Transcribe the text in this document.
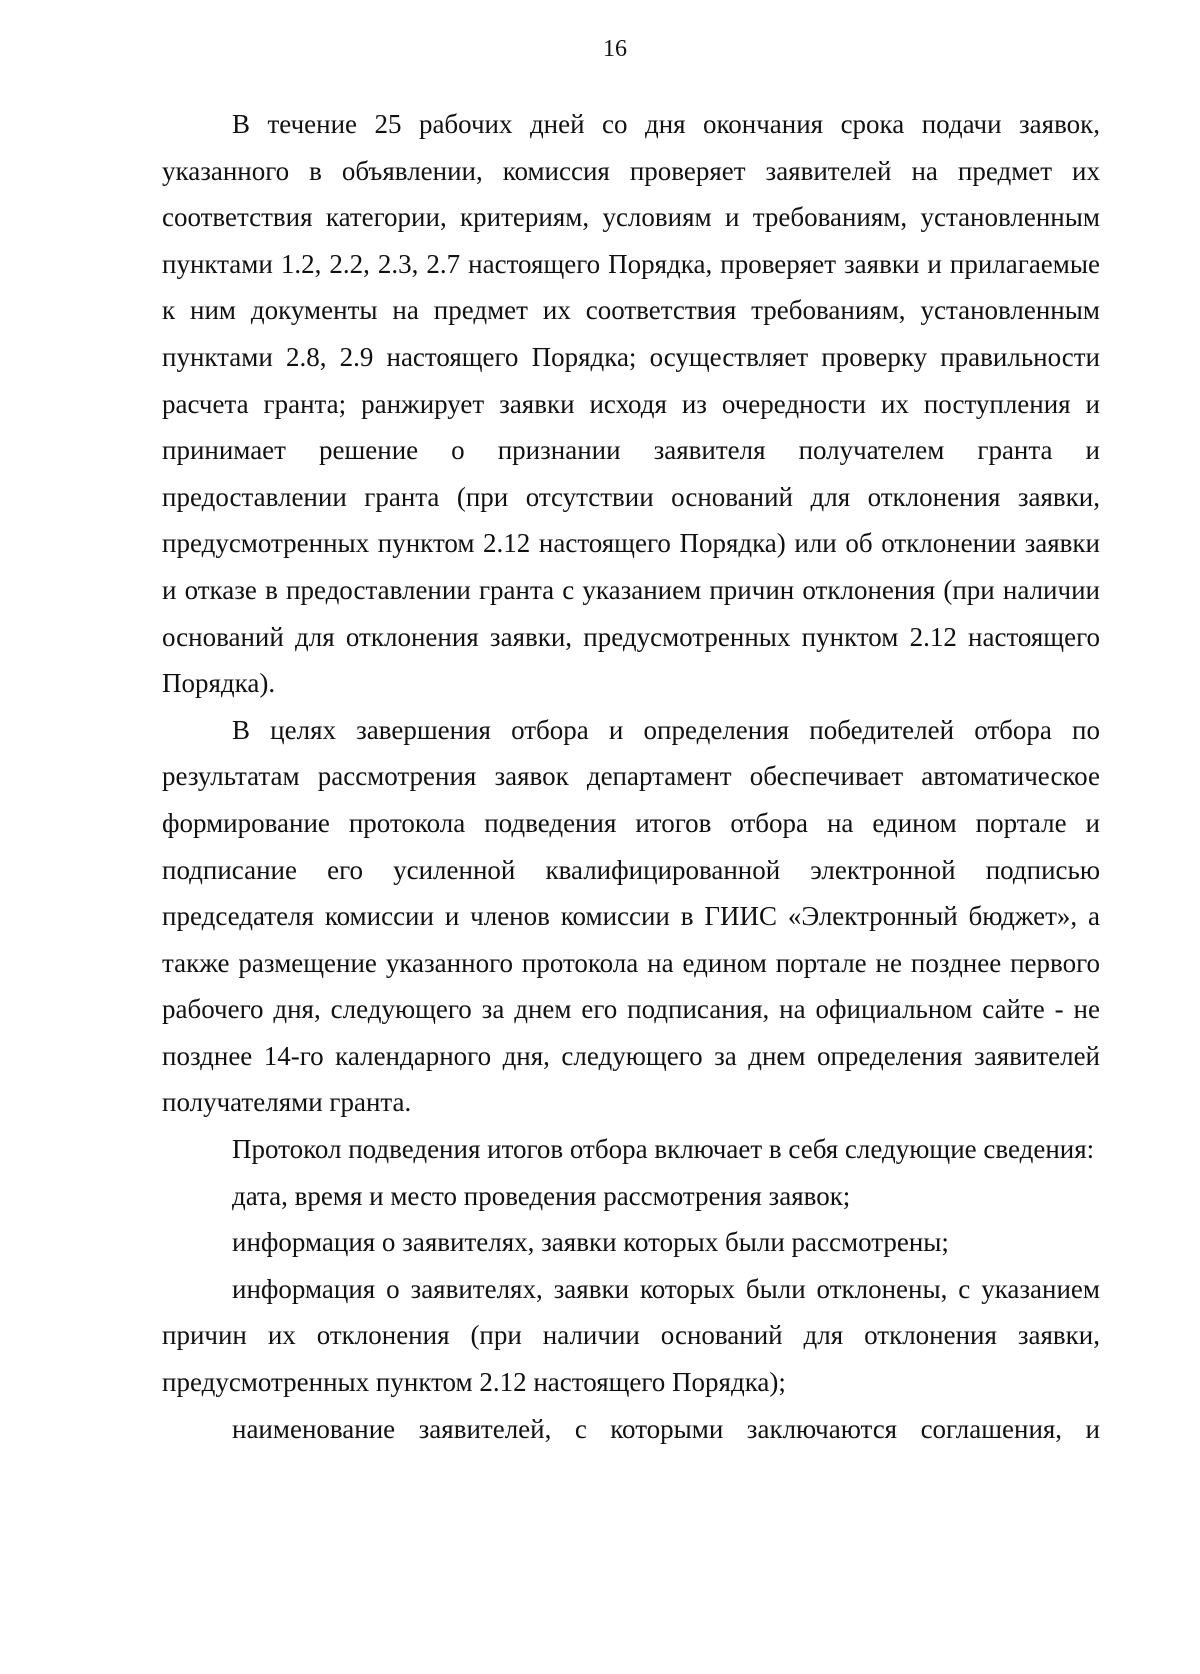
16

В течение 25 рабочих дней со дня окончания срока подачи заявок, указанного в объявлении, комиссия проверяет заявителей на предмет их соответствия категории, критериям, условиям и требованиям, установленным пунктами 1.2, 2.2, 2.3, 2.7 настоящего Порядка, проверяет заявки и прилагаемые к ним документы на предмет их соответствия требованиям, установленным пунктами 2.8, 2.9 настоящего Порядка; осуществляет проверку правильности расчета гранта; ранжирует заявки исходя из очередности их поступления и принимает решение о признании заявителя получателем гранта и предоставлении гранта (при отсутствии оснований для отклонения заявки, предусмотренных пунктом 2.12 настоящего Порядка) или об отклонении заявки и отказе в предоставлении гранта с указанием причин отклонения (при наличии оснований для отклонения заявки, предусмотренных пунктом 2.12 настоящего Порядка).

В целях завершения отбора и определения победителей отбора по результатам рассмотрения заявок департамент обеспечивает автоматическое формирование протокола подведения итогов отбора на едином портале и подписание его усиленной квалифицированной электронной подписью председателя комиссии и членов комиссии в ГИИС «Электронный бюджет», а также размещение указанного протокола на едином портале не позднее первого рабочего дня, следующего за днем его подписания, на официальном сайте - не позднее 14-го календарного дня, следующего за днем определения заявителей получателями гранта.

Протокол подведения итогов отбора включает в себя следующие сведения:

дата, время и место проведения рассмотрения заявок;

информация о заявителях, заявки которых были рассмотрены;

информация о заявителях, заявки которых были отклонены, с указанием причин их отклонения (при наличии оснований для отклонения заявки, предусмотренных пунктом 2.12 настоящего Порядка);

наименование заявителей, с которыми заключаются соглашения, и
